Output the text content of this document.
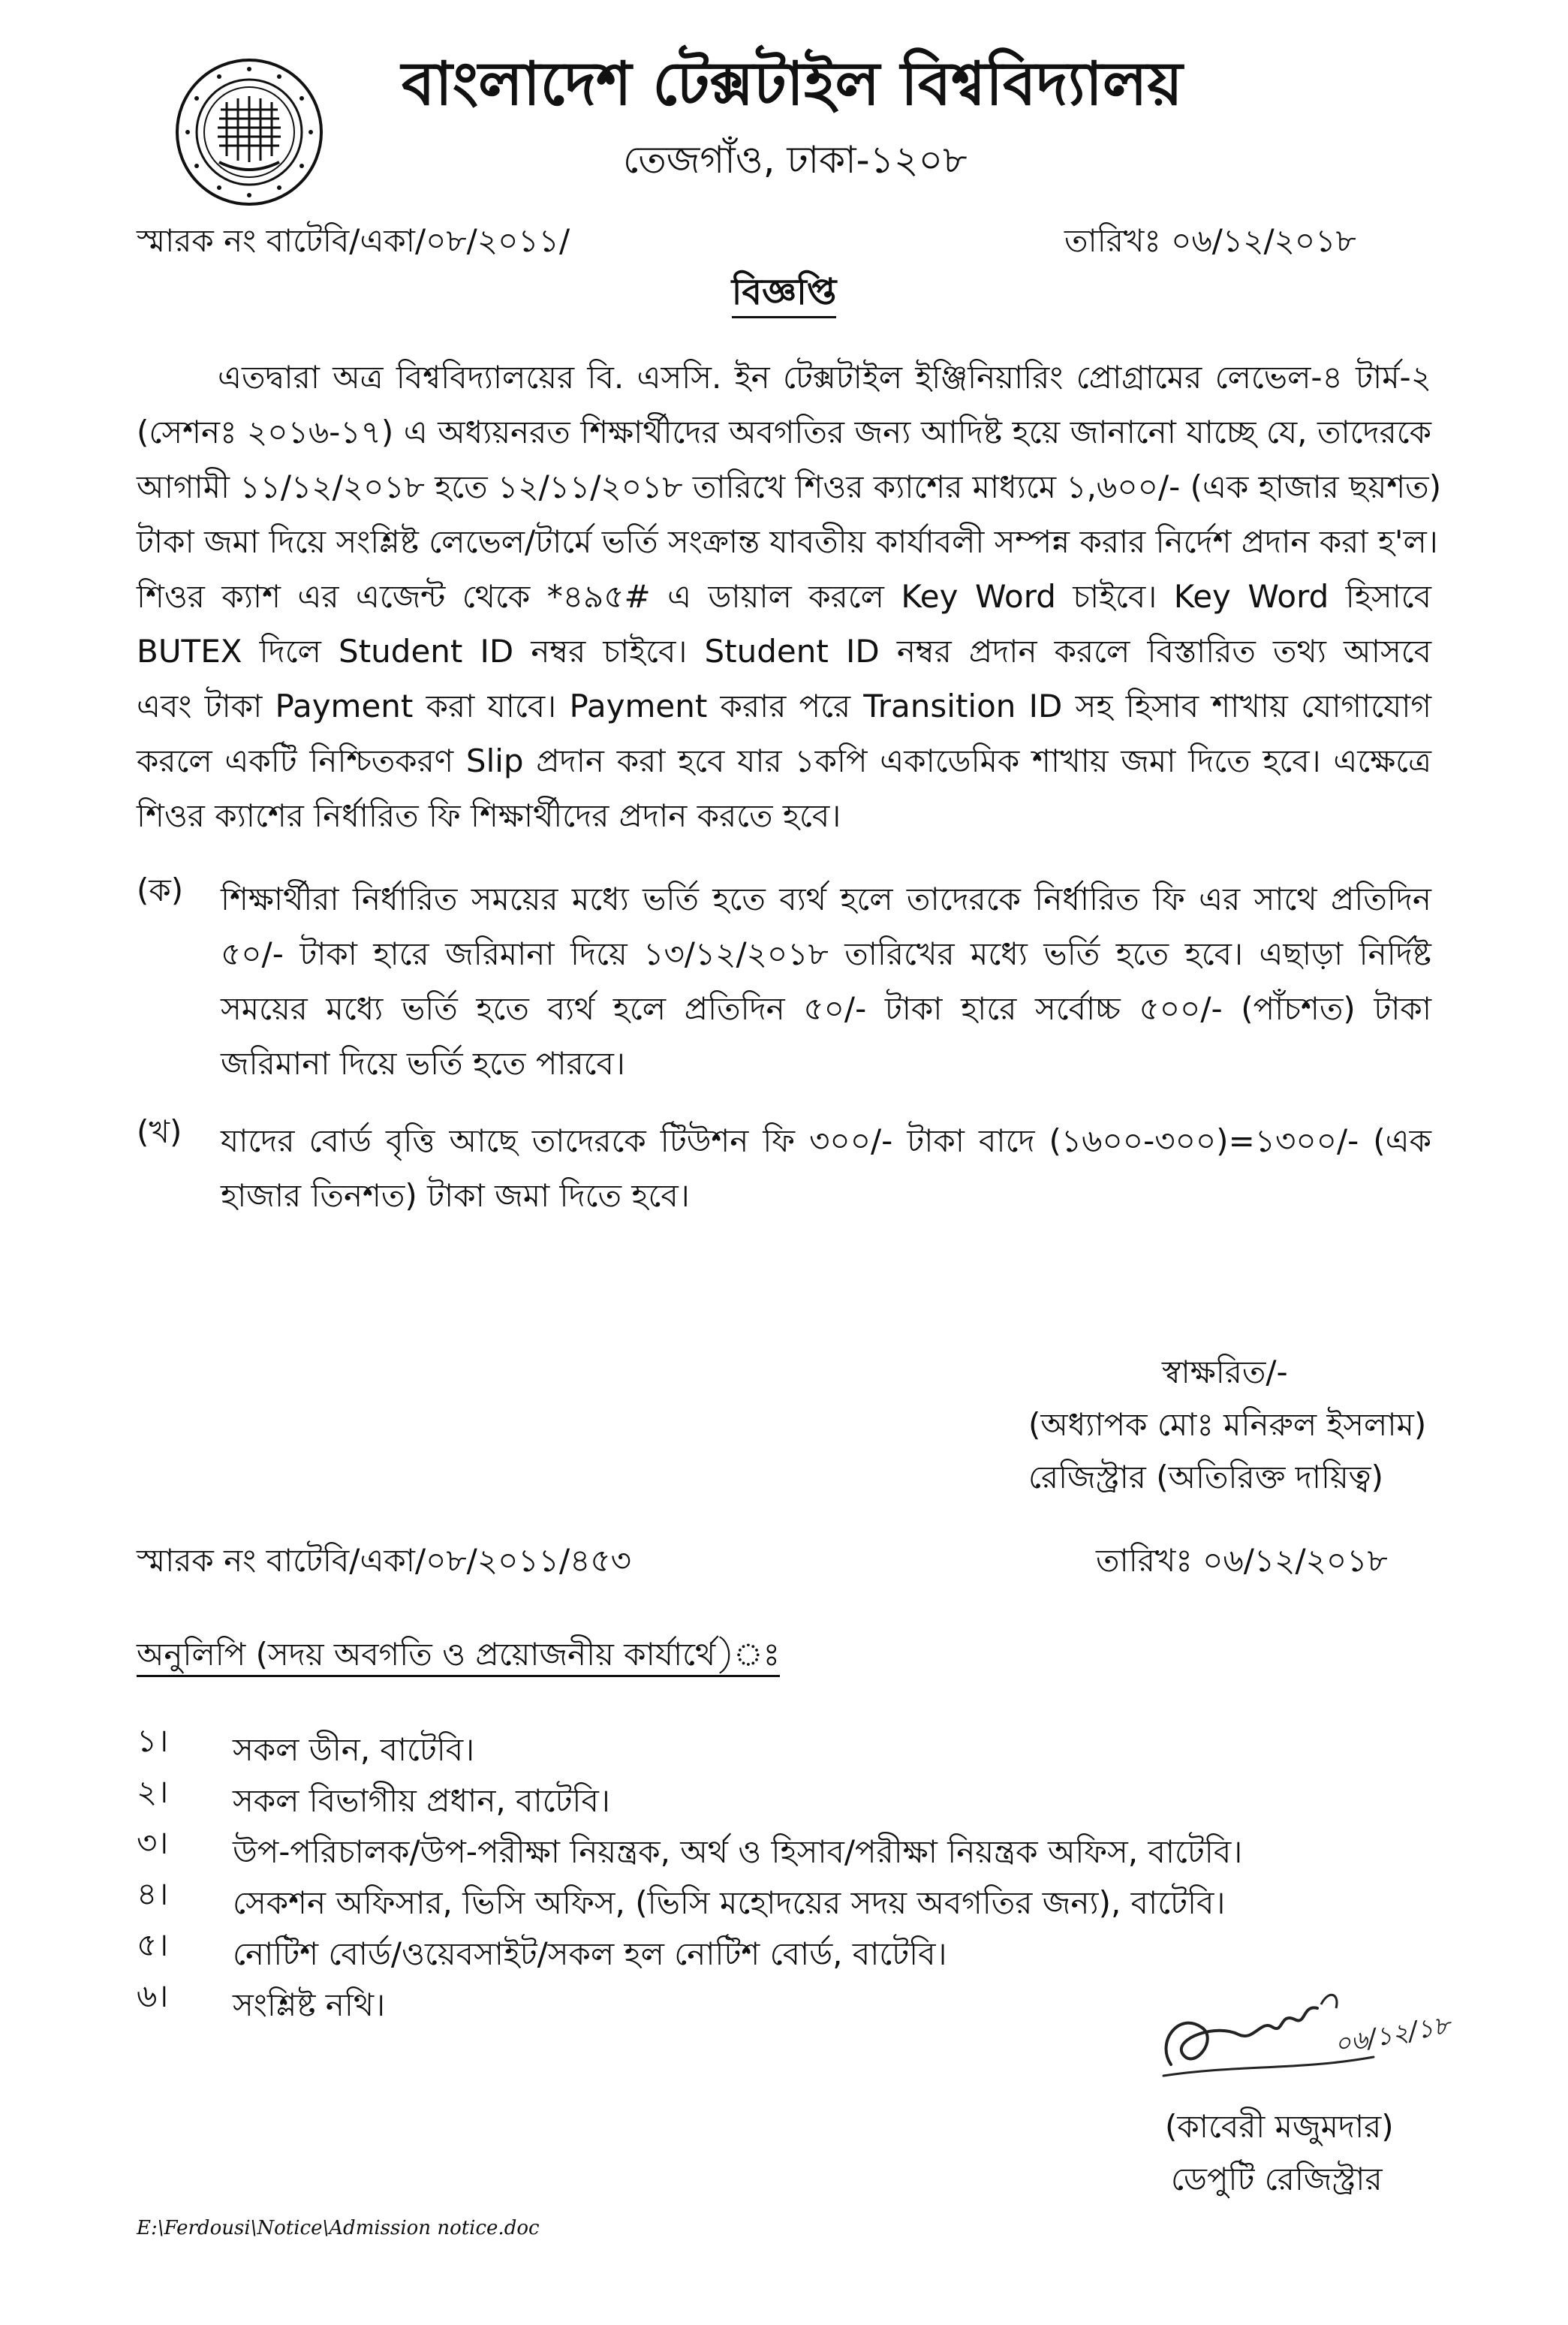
বাংলাদেশ টেক্সটাইল বিশ্ববিদ্যালয়
তেজগাঁও, ঢাকা-১২০৮
স্মারক নং বাটেবি/একা/০৮/২০১১/	তারিখঃ ০৬/১২/২০১৮
বিজ্ঞপ্তি
এতদ্বারা অত্র বিশ্ববিদ্যালয়ের বি. এসসি. ইন টেক্সটাইল ইঞ্জিনিয়ারিং প্রোগ্রামের লেভেল-৪ টার্ম-২
(সেশনঃ ২০১৬-১৭) এ অধ্যয়নরত শিক্ষার্থীদের অবগতির জন্য আদিষ্ট হয়ে জানানো যাচ্ছে যে, তাদেরকে
আগামী ১১/১২/২০১৮ হতে ১২/১১/২০১৮ তারিখে শিওর ক্যাশের মাধ্যমে ১,৬০০/- (এক হাজার ছয়শত)
টাকা জমা দিয়ে সংশ্লিষ্ট লেভেল/টার্মে ভর্তি সংক্রান্ত যাবতীয় কার্যাবলী সম্পন্ন করার নির্দেশ প্রদান করা হ'ল।
শিওর ক্যাশ এর এজেন্ট থেকে *৪৯৫# এ ডায়াল করলে Key Word চাইবে। Key Word হিসাবে
BUTEX দিলে Student ID নম্বর চাইবে। Student ID নম্বর প্রদান করলে বিস্তারিত তথ্য আসবে
এবং টাকা Payment করা যাবে। Payment করার পরে Transition ID সহ হিসাব শাখায় যোগাযোগ
করলে একটি নিশ্চিতকরণ Slip প্রদান করা হবে যার ১কপি একাডেমিক শাখায় জমা দিতে হবে। এক্ষেত্রে
শিওর ক্যাশের নির্ধারিত ফি শিক্ষার্থীদের প্রদান করতে হবে।
(ক) শিক্ষার্থীরা নির্ধারিত সময়ের মধ্যে ভর্তি হতে ব্যর্থ হলে তাদেরকে নির্ধারিত ফি এর সাথে প্রতিদিন
৫০/- টাকা হারে জরিমানা দিয়ে ১৩/১২/২০১৮ তারিখের মধ্যে ভর্তি হতে হবে। এছাড়া নির্দিষ্ট
সময়ের মধ্যে ভর্তি হতে ব্যর্থ হলে প্রতিদিন ৫০/- টাকা হারে সর্বোচ্চ ৫০০/- (পাঁচশত) টাকা
জরিমানা দিয়ে ভর্তি হতে পারবে।
(খ) যাদের বোর্ড বৃত্তি আছে তাদেরকে টিউশন ফি ৩০০/- টাকা বাদে (১৬০০-৩০০)=১৩০০/- (এক
হাজার তিনশত) টাকা জমা দিতে হবে।
স্বাক্ষরিত/-
(অধ্যাপক মোঃ মনিরুল ইসলাম)
রেজিস্ট্রার (অতিরিক্ত দায়িত্ব)
স্মারক নং বাটেবি/একা/০৮/২০১১/৪৫৩	তারিখঃ ০৬/১২/২০১৮
অনুলিপি (সদয় অবগতি ও প্রয়োজনীয় কার্যার্থে)ঃ
১। সকল ডীন, বাটেবি।
২। সকল বিভাগীয় প্রধান, বাটেবি।
৩। উপ-পরিচালক/উপ-পরীক্ষা নিয়ন্ত্রক, অর্থ ও হিসাব/পরীক্ষা নিয়ন্ত্রক অফিস, বাটেবি।
৪। সেকশন অফিসার, ভিসি অফিস, (ভিসি মহোদয়ের সদয় অবগতির জন্য), বাটেবি।
৫। নোটিশ বোর্ড/ওয়েবসাইট/সকল হল নোটিশ বোর্ড, বাটেবি।
৬। সংশ্লিষ্ট নথি।
০৬/১২/১৮
(কাবেরী মজুমদার)
ডেপুটি রেজিস্ট্রার
E:\Ferdousi\Notice\Admission notice.doc
